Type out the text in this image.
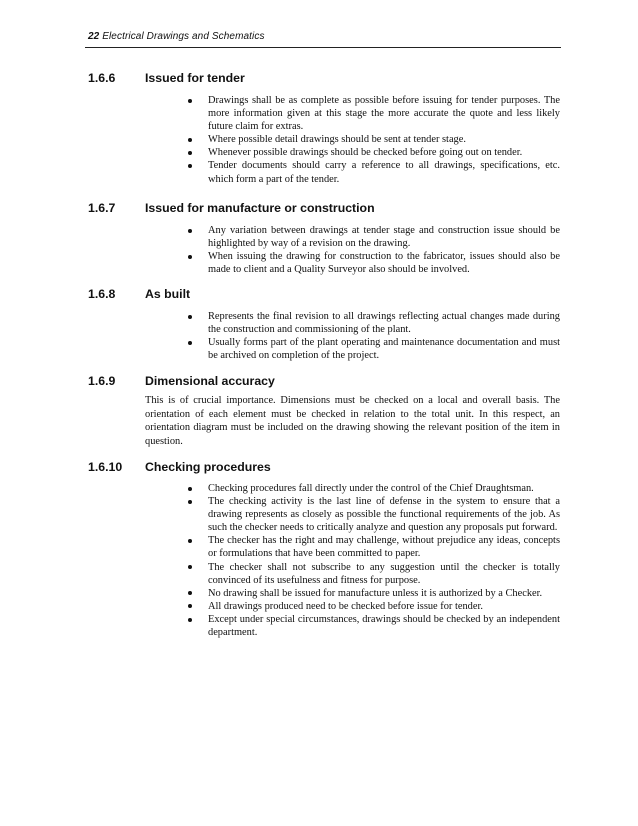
22 Electrical Drawings and Schematics
1.6.6 Issued for tender
Drawings shall be as complete as possible before issuing for tender purposes. The more information given at this stage the more accurate the quote and less likely future claim for extras.
Where possible detail drawings should be sent at tender stage.
Whenever possible drawings should be checked before going out on tender.
Tender documents should carry a reference to all drawings, specifications, etc. which form a part of the tender.
1.6.7 Issued for manufacture or construction
Any variation between drawings at tender stage and construction issue should be highlighted by way of a revision on the drawing.
When issuing the drawing for construction to the fabricator, issues should also be made to client and a Quality Surveyor also should be involved.
1.6.8 As built
Represents the final revision to all drawings reflecting actual changes made during the construction and commissioning of the plant.
Usually forms part of the plant operating and maintenance documentation and must be archived on completion of the project.
1.6.9 Dimensional accuracy

This is of crucial importance. Dimensions must be checked on a local and overall basis. The orientation of each element must be checked in relation to the total unit. In this respect, an orientation diagram must be included on the drawing showing the relevant position of the item in question.

1.6.10 Checking procedures
Checking procedures fall directly under the control of the Chief Draughtsman.
The checking activity is the last line of defense in the system to ensure that a drawing represents as closely as possible the functional requirements of the job. As such the checker needs to critically analyze and question any proposals put forward.
The checker has the right and may challenge, without prejudice any ideas, concepts or formulations that have been committed to paper.
The checker shall not subscribe to any suggestion until the checker is totally convinced of its usefulness and fitness for purpose.
No drawing shall be issued for manufacture unless it is authorized by a Checker.
All drawings produced need to be checked before issue for tender.
Except under special circumstances, drawings should be checked by an independent department.
